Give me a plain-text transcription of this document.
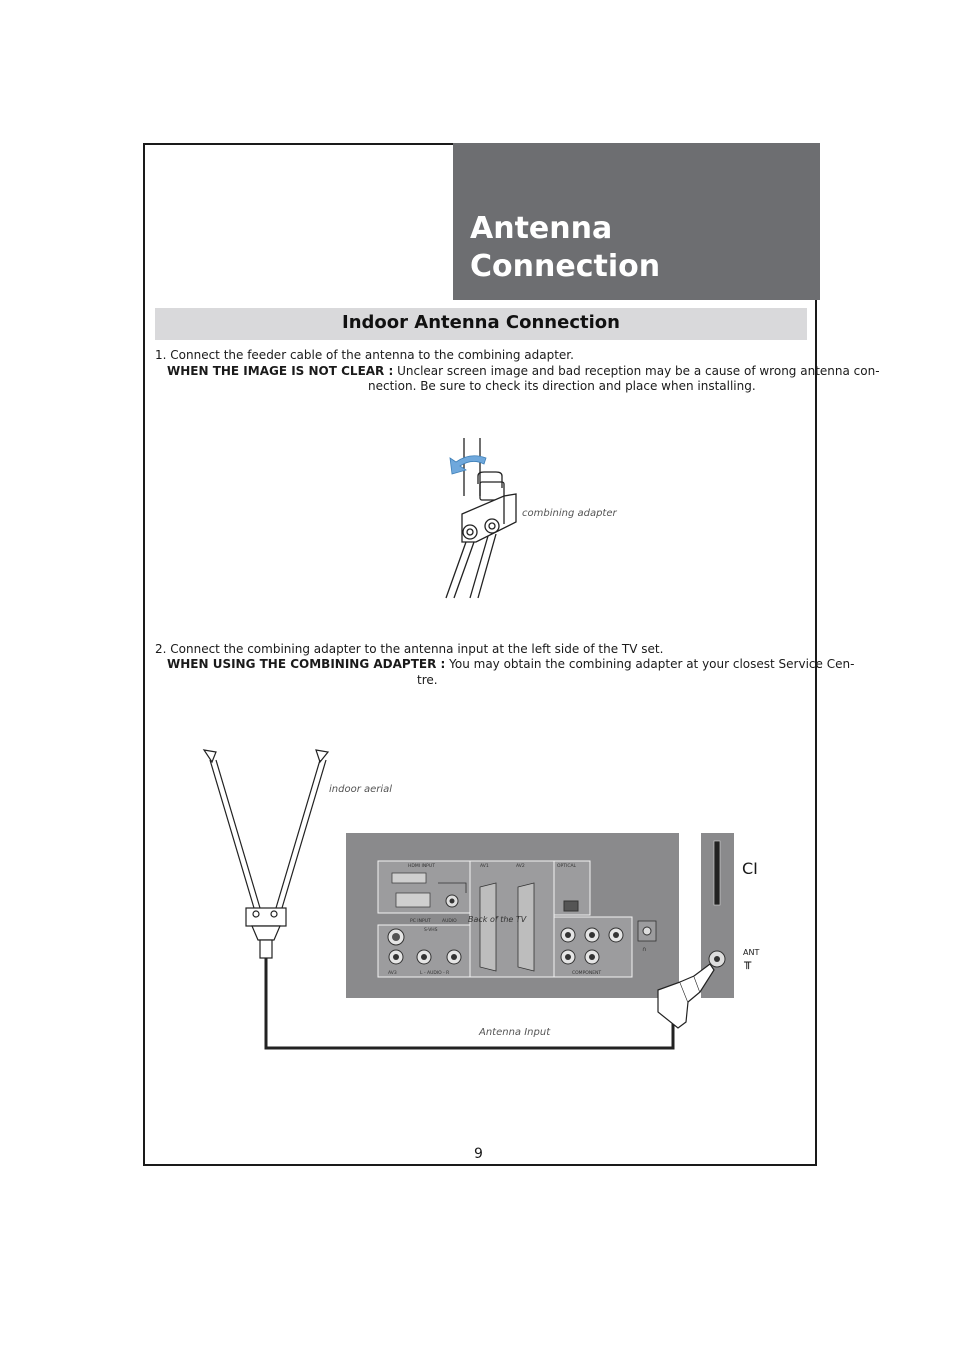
Antenna
Connection
Indoor Antenna Connection
1. Connect the feeder cable of the antenna to the combining adapter.
WHEN THE IMAGE IS NOT CLEAR : Unclear screen image and bad reception may be a cause of wrong antenna con-
nection. Be sure to check its direction and place when installing.
combining adapter
2. Connect the combining adapter to the antenna input at the left side of the TV set.
WHEN USING THE COMBINING ADAPTER : You may obtain the combining adapter at your closest Service Cen-
tre.
indoor aerial
HDMI INPUT
PC INPUT	AUDIO
S-VHS
AV3	L - AUDIO - R
AV1	AV2
Back of the TV
OPTICAL
COMPONENT
∩
CI
ANT
╥
Antenna Input
9
